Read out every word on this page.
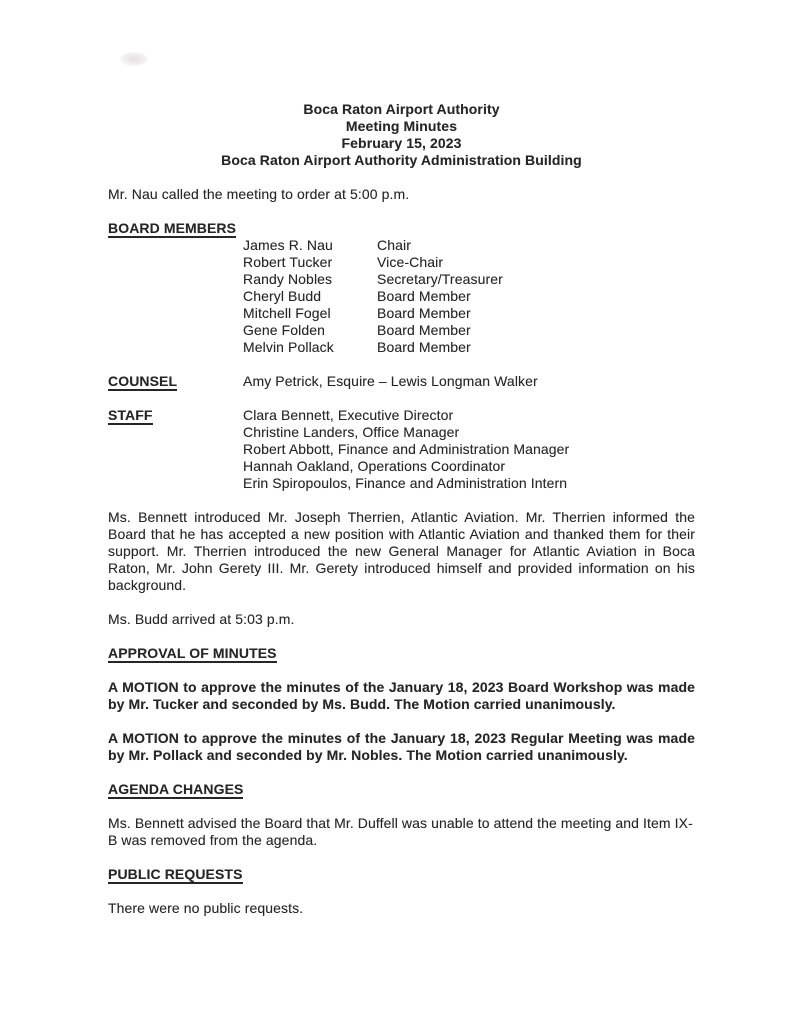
Boca Raton Airport Authority
Meeting Minutes
February 15, 2023
Boca Raton Airport Authority Administration Building

Mr. Nau called the meeting to order at 5:00 p.m.

BOARD MEMBERS
James R. Nau	Chair
Robert Tucker	Vice-Chair
Randy Nobles	Secretary/Treasurer
Cheryl Budd	Board Member
Mitchell Fogel	Board Member
Gene Folden	Board Member
Melvin Pollack	Board Member
COUNSEL	Amy Petrick, Esquire – Lewis Longman Walker
STAFF	Clara Bennett, Executive Director
Christine Landers, Office Manager
Robert Abbott, Finance and Administration Manager
Hannah Oakland, Operations Coordinator
Erin Spiropoulos, Finance and Administration Intern

Ms. Bennett introduced Mr. Joseph Therrien, Atlantic Aviation. Mr. Therrien informed the Board that he has accepted a new position with Atlantic Aviation and thanked them for their support. Mr. Therrien introduced the new General Manager for Atlantic Aviation in Boca Raton, Mr. John Gerety III. Mr. Gerety introduced himself and provided information on his background.

Ms. Budd arrived at 5:03 p.m.

APPROVAL OF MINUTES

A MOTION to approve the minutes of the January 18, 2023 Board Workshop was made by Mr. Tucker and seconded by Ms. Budd. The Motion carried unanimously.

A MOTION to approve the minutes of the January 18, 2023 Regular Meeting was made by Mr. Pollack and seconded by Mr. Nobles. The Motion carried unanimously.

AGENDA CHANGES

Ms. Bennett advised the Board that Mr. Duffell was unable to attend the meeting and Item IX-B was removed from the agenda.

PUBLIC REQUESTS

There were no public requests.
